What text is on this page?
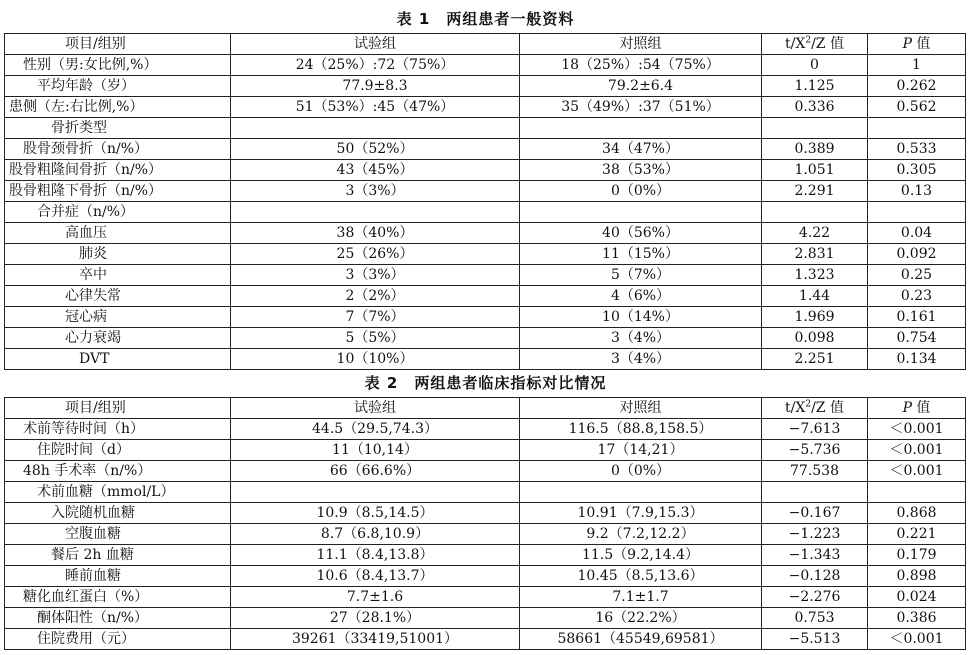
表 1　两组患者一般资料
项目/组别	试验组	对照组	$t/X^2/Z$ 值	P 值
性别（男:女比例,%）	24（25%）:72（75%）	18（25%）:54（75%）	0	1
平均年龄（岁）	77.9±8.3	79.2±6.4	1.125	0.262
患侧（左:右比例,%）	51（53%）:45（47%）	35（49%）:37（51%）	0.336	0.562
骨折类型				
股骨颈骨折（n/%）	50（52%）	34（47%）	0.389	0.533
股骨粗隆间骨折（n/%）	43（45%）	38（53%）	1.051	0.305
股骨粗隆下骨折（n/%）	3（3%）	0（0%）	2.291	0.13
合并症（n/%）				
高血压	38（40%）	40（56%）	4.22	0.04
肺炎	25（26%）	11（15%）	2.831	0.092
卒中	3（3%）	5（7%）	1.323	0.25
心律失常	2（2%）	4（6%）	1.44	0.23
冠心病	7（7%）	10（14%）	1.969	0.161
心力衰竭	5（5%）	3（4%）	0.098	0.754
DVT	10（10%）	3（4%）	2.251	0.134
表 2　两组患者临床指标对比情况
项目/组别	试验组	对照组	$t/X^2/Z$ 值	P 值
术前等待时间（h）	44.5（29.5,74.3）	116.5（88.8,158.5）	−7.613	＜0.001
住院时间（d）	11（10,14）	17（14,21）	−5.736	＜0.001
48h 手术率（n/%）	66（66.6%）	0（0%）	77.538	＜0.001
术前血糖（mmol/L）				
入院随机血糖	10.9（8.5,14.5）	10.91（7.9,15.3）	−0.167	0.868
空腹血糖	8.7（6.8,10.9）	9.2（7.2,12.2）	−1.223	0.221
餐后 2h 血糖	11.1（8.4,13.8）	11.5（9.2,14.4）	−1.343	0.179
睡前血糖	10.6（8.4,13.7）	10.45（8.5,13.6）	−0.128	0.898
糖化血红蛋白（%）	7.7±1.6	7.1±1.7	−2.276	0.024
酮体阳性（n/%）	27（28.1%）	16（22.2%）	0.753	0.386
住院费用（元）	39261（33419,51001）	58661（45549,69581）	−5.513	＜0.001
